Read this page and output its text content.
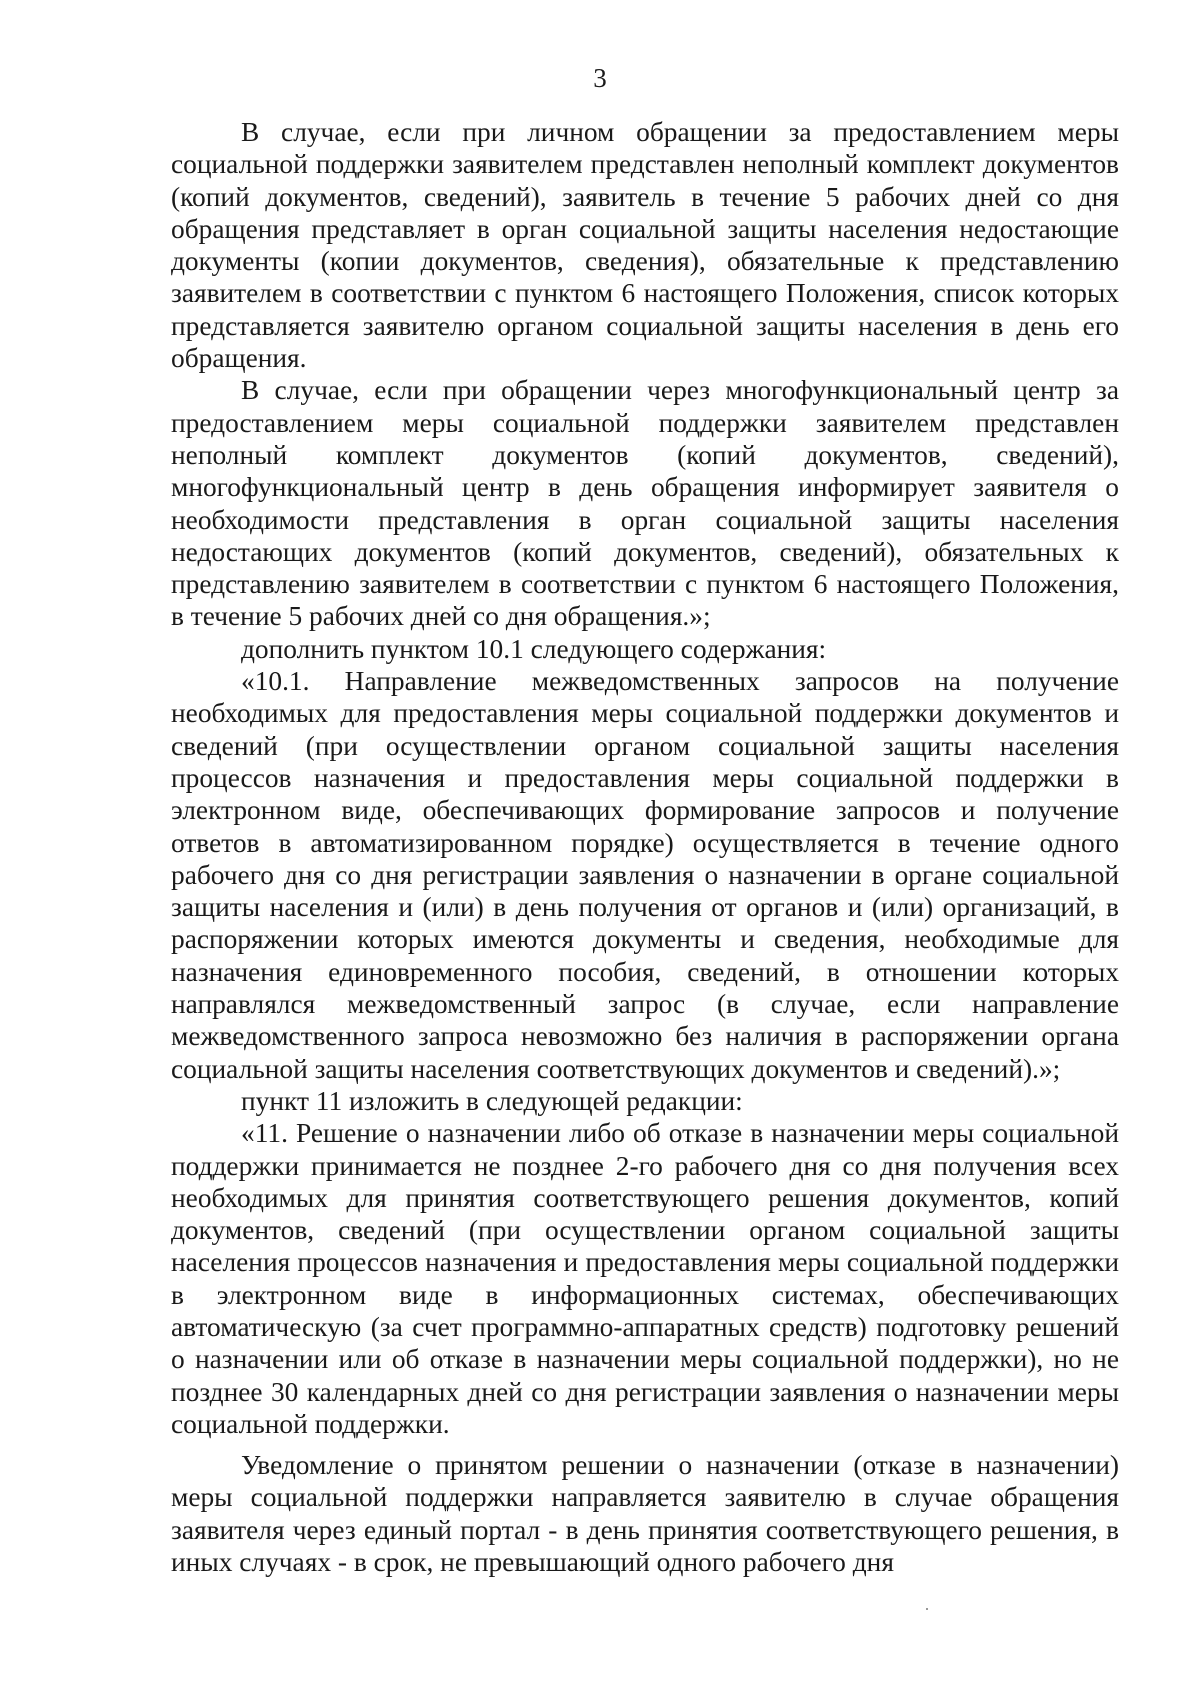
3

В случае, если при личном обращении за предоставлением меры социальной поддержки заявителем представлен неполный комплект документов (копий документов, сведений), заявитель в течение 5 рабочих дней со дня обращения представляет в орган социальной защиты населения недостающие документы (копии документов, сведения), обязательные к представлению заявителем в соответствии с пунктом 6 настоящего Положения, список которых представляется заявителю органом социальной защиты населения в день его обращения.

В случае, если при обращении через многофункциональный центр за предоставлением меры социальной поддержки заявителем представлен неполный комплект документов (копий документов, сведений), многофункциональный центр в день обращения информирует заявителя о необходимости представления в орган социальной защиты населения недостающих документов (копий документов, сведений), обязательных к представлению заявителем в соответствии с пунктом 6 настоящего Положения, в течение 5 рабочих дней со дня обращения.»;

дополнить пунктом 10.1 следующего содержания:

«10.1. Направление межведомственных запросов на получение необходимых для предоставления меры социальной поддержки документов и сведений (при осуществлении органом социальной защиты населения процессов назначения и предоставления меры социальной поддержки в электронном виде, обеспечивающих формирование запросов и получение ответов в автоматизированном порядке) осуществляется в течение одного рабочего дня со дня регистрации заявления о назначении в органе социальной защиты населения и (или) в день получения от органов и (или) организаций, в распоряжении которых имеются документы и сведения, необходимые для назначения единовременного пособия, сведений, в отношении которых направлялся межведомственный запрос (в случае, если направление межведомственного запроса невозможно без наличия в распоряжении органа социальной защиты населения соответствующих документов и сведений).»;

пункт 11 изложить в следующей редакции:

«11. Решение о назначении либо об отказе в назначении меры социальной поддержки принимается не позднее 2-го рабочего дня со дня получения всех необходимых для принятия соответствующего решения документов, копий документов, сведений (при осуществлении органом социальной защиты населения процессов назначения и предоставления меры социальной поддержки в электронном виде в информационных системах, обеспечивающих автоматическую (за счет программно-аппаратных средств) подготовку решений о назначении или об отказе в назначении меры социальной поддержки), но не позднее 30 календарных дней со дня регистрации заявления о назначении меры социальной поддержки.

Уведомление о принятом решении о назначении (отказе в назначении) меры социальной поддержки направляется заявителю в случае обращения заявителя через единый портал - в день принятия соответствующего решения, в иных случаях - в срок, не превышающий одного рабочего дня
